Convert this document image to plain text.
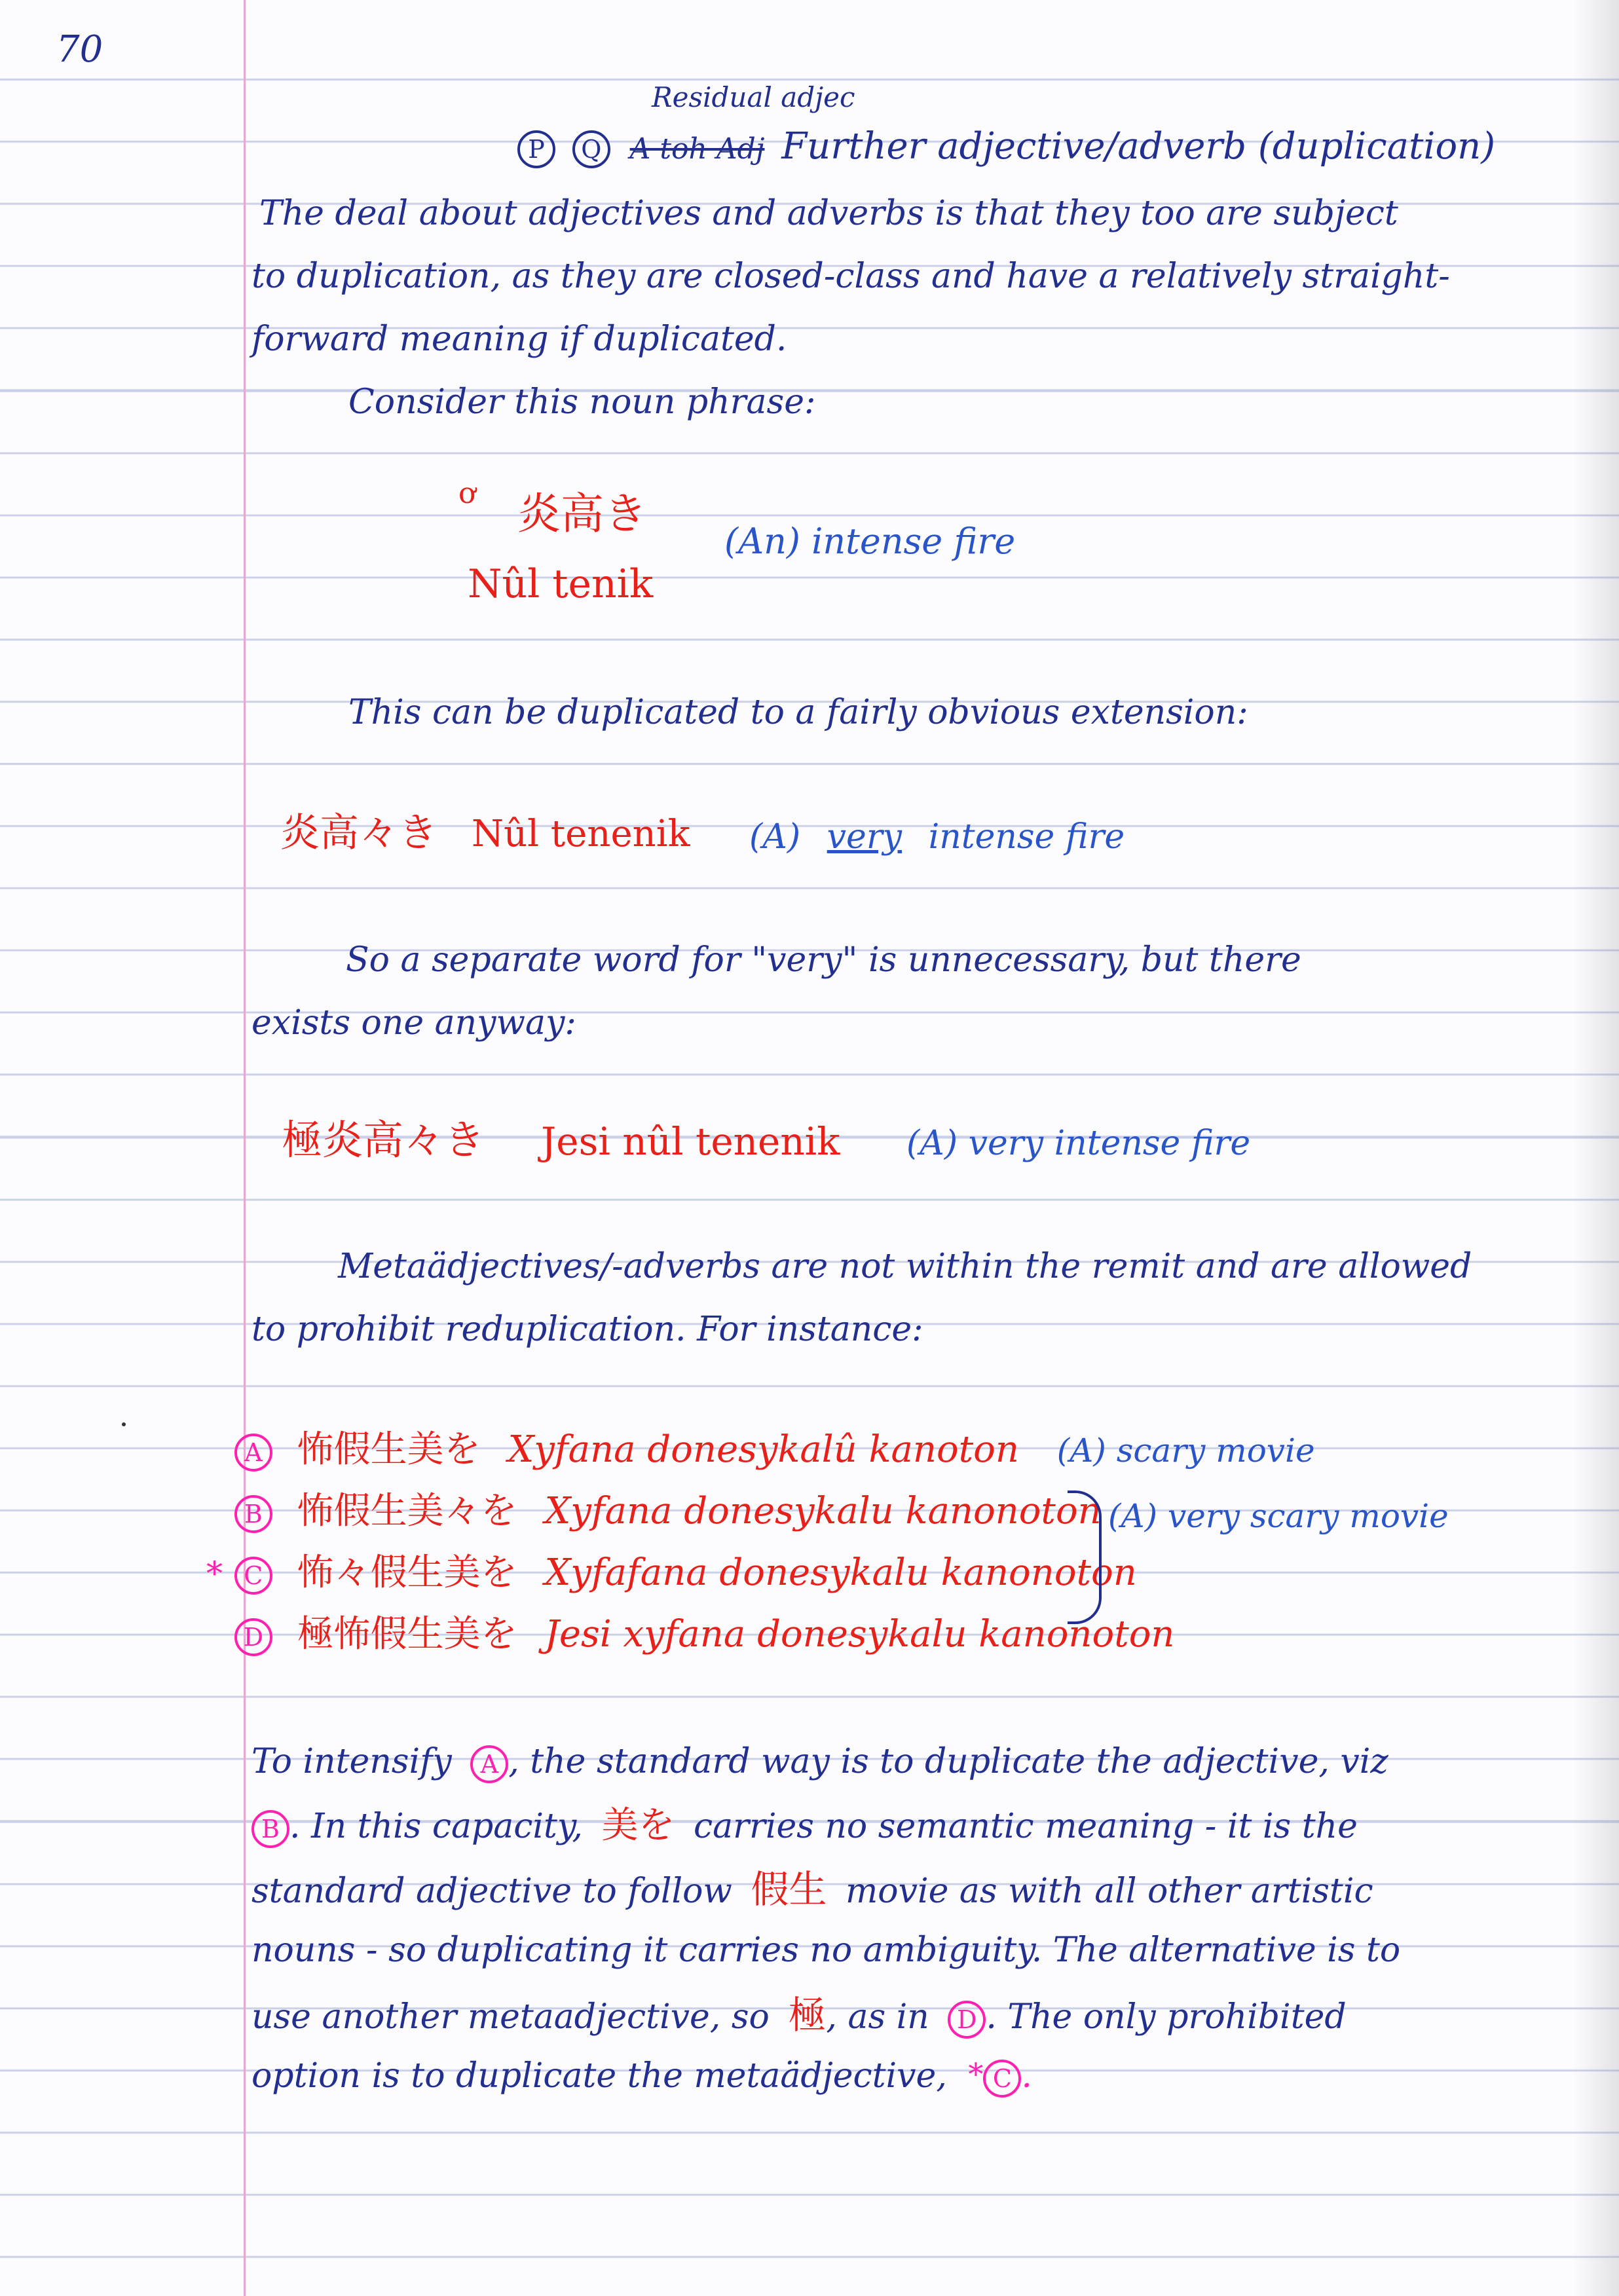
70
Residual adjec
P Q A toh Adj Further adjective/adverb (duplication)
The deal about adjectives and adverbs is that they too are subject
to duplication, as they are closed-class and have a relatively straight-
forward meaning if duplicated.
Consider this noun phrase:
ơ 炎高き
Nûl tenik
(An) intense fire
This can be duplicated to a fairly obvious extension:
炎高々き Nûl tenenik (A) very intense fire
So a separate word for "very" is unnecessary, but there
exists one anyway:
極炎高々き Jesi nûl tenenik (A) very intense fire
Metaädjectives/-adverbs are not within the remit and are allowed
to prohibit reduplication. For instance:
A 怖假生美を Xyfana donesykalû kanoton (A) scary movie
B 怖假生美々を Xyfana donesykalu kanonoton
* C 怖々假生美を Xyfafana donesykalu kanonoton
D 極怖假生美を Jesi xyfana donesykalu kanonoton
(A) very scary movie
To intensify A , the standard way is to duplicate the adjective, viz
B . In this capacity, 美を carries no semantic meaning - it is the
standard adjective to follow 假生 movie as with all other artistic
nouns - so duplicating it carries no ambiguity. The alternative is to
use another metaadjective, so 極, as in D . The only prohibited
option is to duplicate the metaädjective, * C .
